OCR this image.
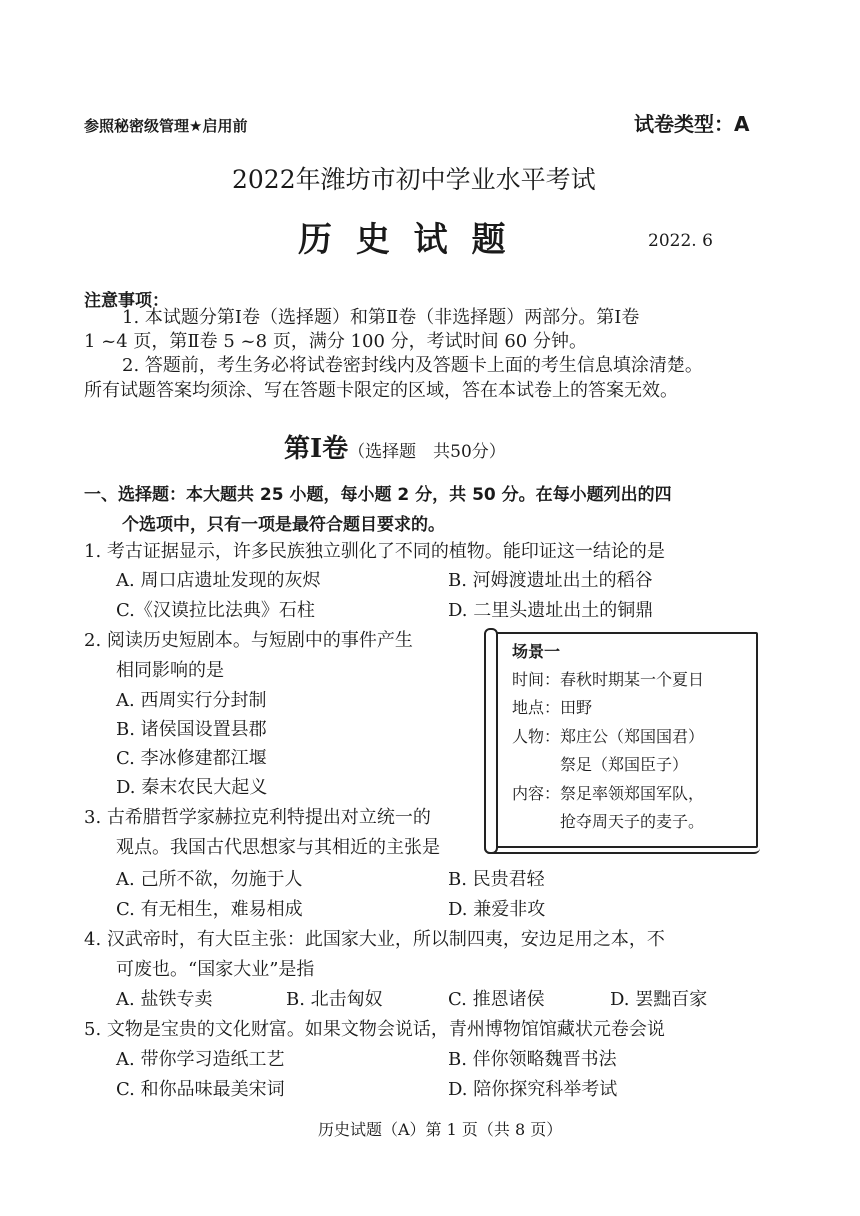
参照秘密级管理★启用前	试卷类型：A
2022年潍坊市初中学业水平考试
历 史 试 题	2022. 6
注意事项：
1. 本试题分第Ⅰ卷（选择题）和第Ⅱ卷（非选择题）两部分。第Ⅰ卷
1 ~4 页，第Ⅱ卷 5 ~8 页，满分 100 分，考试时间 60 分钟。
2. 答题前，考生务必将试卷密封线内及答题卡上面的考生信息填涂清楚。
所有试题答案均须涂、写在答题卡限定的区域，答在本试卷上的答案无效。
第Ⅰ卷（选择题　共50分）
一、选择题：本大题共 25 小题，每小题 2 分，共 50 分。在每小题列出的四
个选项中，只有一项是最符合题目要求的。
1. 考古证据显示，许多民族独立驯化了不同的植物。能印证这一结论的是
A. 周口店遗址发现的灰烬	B. 河姆渡遗址出土的稻谷
C.《汉谟拉比法典》石柱	D. 二里头遗址出土的铜鼎
2. 阅读历史短剧本。与短剧中的事件产生
相同影响的是
A. 西周实行分封制
B. 诸侯国设置县郡
C. 李冰修建都江堰
D. 秦末农民大起义
场景一
时间：春秋时期某一个夏日
地点：田野
人物：郑庄公（郑国国君）
祭足（郑国臣子）
内容：祭足率领郑国军队，
抢夺周天子的麦子。
3. 古希腊哲学家赫拉克利特提出对立统一的
观点。我国古代思想家与其相近的主张是
A. 己所不欲，勿施于人	B. 民贵君轻
C. 有无相生，难易相成	D. 兼爱非攻
4. 汉武帝时，有大臣主张：此国家大业，所以制四夷，安边足用之本，不
可废也。“国家大业”是指
A. 盐铁专卖	B. 北击匈奴	C. 推恩诸侯	D. 罢黜百家
5. 文物是宝贵的文化财富。如果文物会说话，青州博物馆馆藏状元卷会说
A. 带你学习造纸工艺	B. 伴你领略魏晋书法
C. 和你品味最美宋词	D. 陪你探究科举考试
历史试题（A）第 1 页（共 8 页）
